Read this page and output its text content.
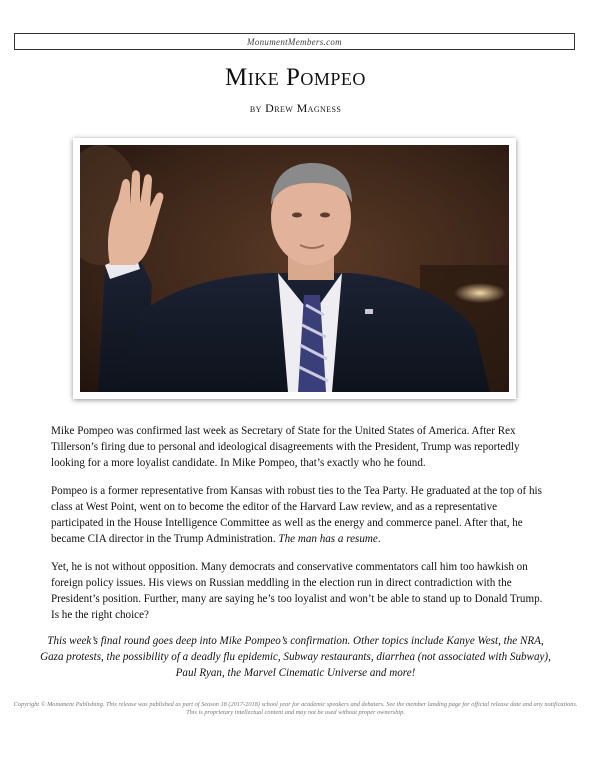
MonumentMembers.com
Mike Pompeo
by Drew Magness

Mike Pompeo was confirmed last week as Secretary of State for the United States of America. After Rex Tillerson’s firing due to personal and ideological disagreements with the President, Trump was reportedly looking for a more loyalist candidate. In Mike Pompeo, that’s exactly who he found.

Pompeo is a former representative from Kansas with robust ties to the Tea Party. He graduated at the top of his class at West Point, went on to become the editor of the Harvard Law review, and as a representative participated in the House Intelligence Committee as well as the energy and commerce panel. After that, he became CIA director in the Trump Administration. The man has a resume.

Yet, he is not without opposition. Many democrats and conservative commentators call him too hawkish on foreign policy issues. His views on Russian meddling in the election run in direct contradiction with the President’s position. Further, many are saying he’s too loyalist and won’t be able to stand up to Donald Trump. Is he the right choice?

This week’s final round goes deep into Mike Pompeo’s confirmation. Other topics include Kanye West, the NRA, Gaza protests, the possibility of a deadly flu epidemic, Subway restaurants, diarrhea (not associated with Subway), Paul Ryan, the Marvel Cinematic Universe and more!

Copyright © Monument Publishing. This release was published as part of Season 18 (2017-2018) school year for academic speakers and debaters. See the member landing page for official release date and any notifications. This is proprietary intellectual content and may not be used without proper ownership.
